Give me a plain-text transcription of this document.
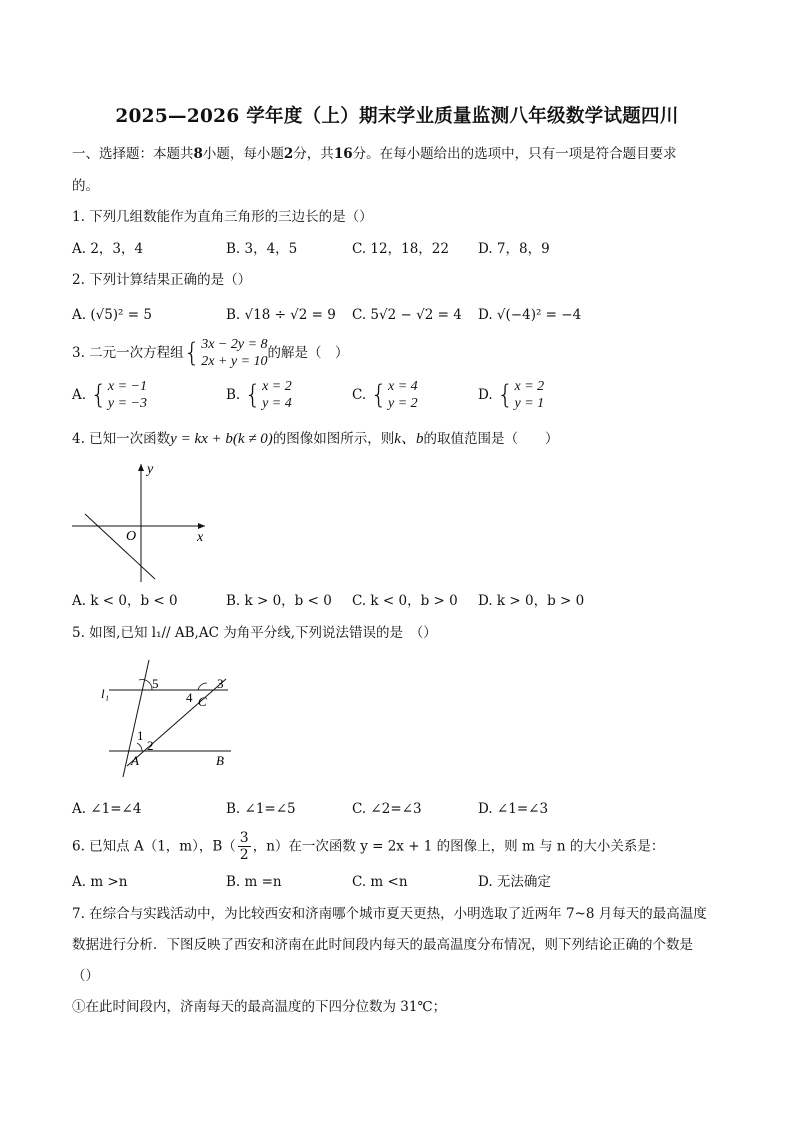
2025—2026 学年度（上）期末学业质量监测八年级数学试题四川
一、选择题：本题共8小题，每小题2分，共16分。在每小题给出的选项中，只有一项是符合题目要求
的。
1. 下列几组数能作为直角三角形的三边长的是（）
A. 2，3，4	B. 3，4，5	C. 12，18，22 D. 7，8，9
2. 下列计算结果正确的是（）
A. (√5)² = 5	B. √18 ÷ √2 = 9 C. 5√2 − √2 = 4 D. √(−4)² = −4
3. 二元一次方程组{ 3x − 2y = 8
2x + y = 10
的解是（　）
A. { x = −1
y = −3
B. { x = 2
y = 4
C. { x = 4
y = 2
D. { x = 2
y = 1
4. 已知一次函数y = kx + b(k ≠ 0)的图像如图所示，则k、b的取值范围是（　　）
y
x
O
A. k < 0，b < 0	B. k > 0，b < 0 C. k < 0，b > 0 D. k > 0，b > 0
5. 如图,已知 l₁// AB,AC 为角平分线,下列说法错误的是　（）
l₁
5
4
3
C
1
2
A	B
A. ∠1=∠4	B. ∠1=∠5	C. ∠2=∠3	D. ∠1=∠3
6. 已知点 A（1，m），$B( \frac{3}{2}$ ，n）在一次函数 y = 2x + 1 的图像上，则 m 与 n 的大小关系是：
A. m >n	B. m =n	C. m <n	D. 无法确定
7. 在综合与实践活动中，为比较西安和济南哪个城市夏天更热，小明选取了近两年 7~8 月每天的最高温度
数据进行分析．下图反映了西安和济南在此时间段内每天的最高温度分布情况，则下列结论正确的个数是
（）
①在此时间段内，济南每天的最高温度的下四分位数为 31℃；
